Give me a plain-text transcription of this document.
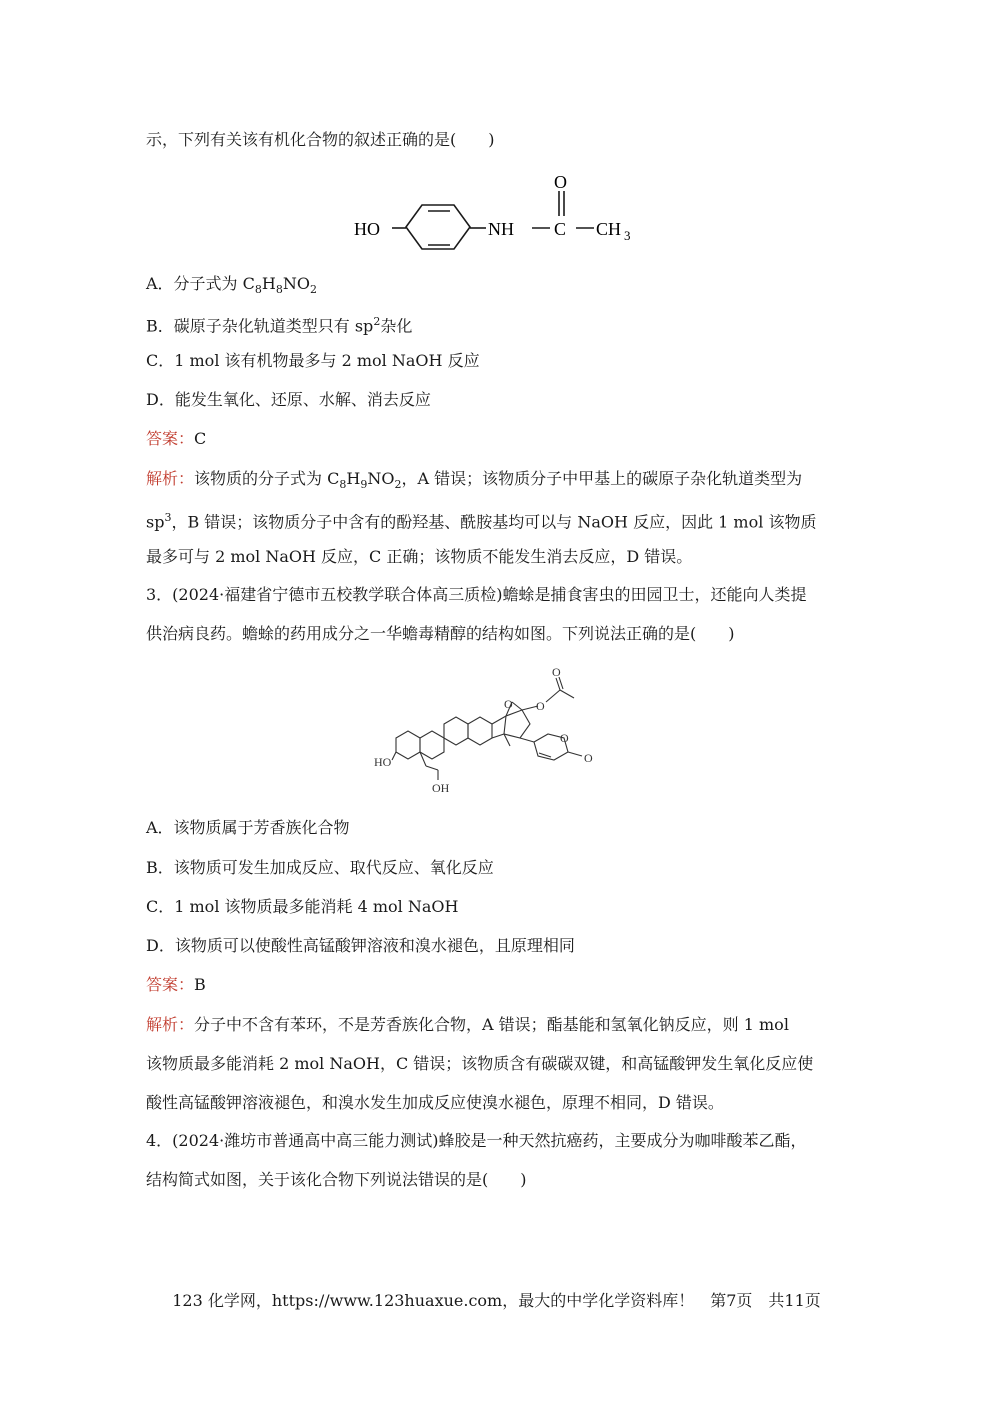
示，下列有关该有机化合物的叙述正确的是(　　)
HO	NH C
O
CH 3
A．分子式为 $C_8H_8NO_2$
B．碳原子杂化轨道类型只有 $sp^2$杂化
C．1 mol 该有机物最多与 2 mol NaOH 反应
D．能发生氧化、还原、水解、消去反应
答案：C
解析：该物质的分子式为 $C_8H_9NO_2$，A 错误；该物质分子中甲基上的碳原子杂化轨道类型为
$sp^3$，B 错误；该物质分子中含有的酚羟基、酰胺基均可以与 NaOH 反应，因此 1 mol 该物质
最多可与 2 mol NaOH 反应，C 正确；该物质不能发生消去反应，D 错误。
3．(2024·福建省宁德市五校教学联合体高三质检)蟾蜍是捕食害虫的田园卫士，还能向人类提
供治病良药。蟾蜍的药用成分之一华蟾毒精醇的结构如图。下列说法正确的是(　　)
HO
OH
O O
O
O
O
A．该物质属于芳香族化合物
B．该物质可发生加成反应、取代反应、氧化反应
C．1 mol 该物质最多能消耗 4 mol NaOH
D．该物质可以使酸性高锰酸钾溶液和溴水褪色，且原理相同
答案：B
解析：分子中不含有苯环，不是芳香族化合物，A 错误；酯基能和氢氧化钠反应，则 1 mol
该物质最多能消耗 2 mol NaOH，C 错误；该物质含有碳碳双键，和高锰酸钾发生氧化反应使
酸性高锰酸钾溶液褪色，和溴水发生加成反应使溴水褪色，原理不相同，D 错误。
4．(2024·潍坊市普通高中高三能力测试)蜂胶是一种天然抗癌药，主要成分为咖啡酸苯乙酯，
结构简式如图，关于该化合物下列说法错误的是(　　)
123 化学网，https://www.123huaxue.com，最大的中学化学资料库！　第7页　共11页
